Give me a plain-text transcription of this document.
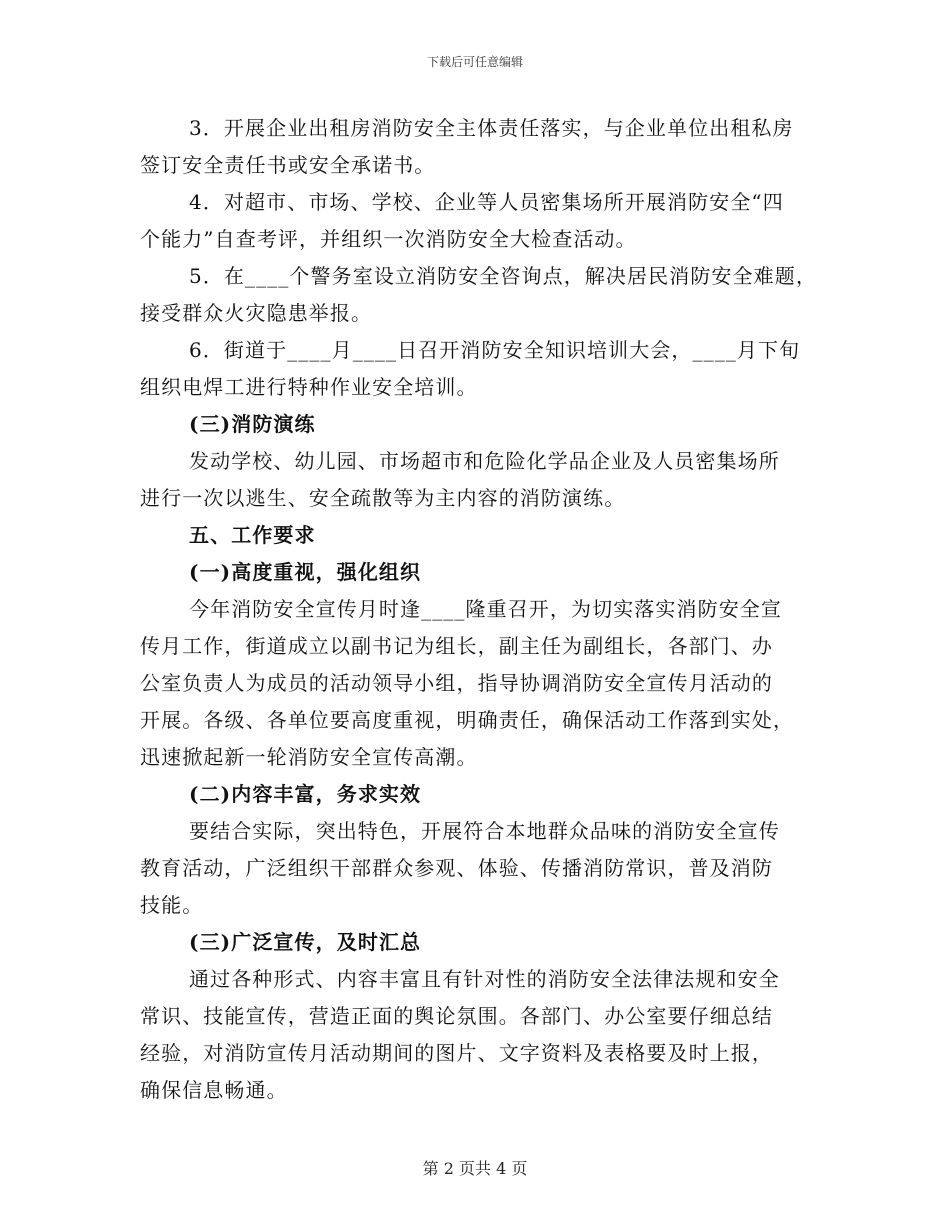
下载后可任意编辑
3．开展企业出租房消防安全主体责任落实，与企业单位出租私房
签订安全责任书或安全承诺书。
4．对超市、市场、学校、企业等人员密集场所开展消防安全“四
个能力”自查考评，并组织一次消防安全大检查活动。
5．在____个警务室设立消防安全咨询点，解决居民消防安全难题，
接受群众火灾隐患举报。
6．街道于____月____日召开消防安全知识培训大会，____月下旬
组织电焊工进行特种作业安全培训。
(三)消防演练
发动学校、幼儿园、市场超市和危险化学品企业及人员密集场所
进行一次以逃生、安全疏散等为主内容的消防演练。
五、工作要求
(一)高度重视，强化组织
今年消防安全宣传月时逢____隆重召开，为切实落实消防安全宣
传月工作，街道成立以副书记为组长，副主任为副组长，各部门、办
公室负责人为成员的活动领导小组，指导协调消防安全宣传月活动的
开展。各级、各单位要高度重视，明确责任，确保活动工作落到实处，
迅速掀起新一轮消防安全宣传高潮。
(二)内容丰富，务求实效
要结合实际，突出特色，开展符合本地群众品味的消防安全宣传
教育活动，广泛组织干部群众参观、体验、传播消防常识，普及消防
技能。
(三)广泛宣传，及时汇总
通过各种形式、内容丰富且有针对性的消防安全法律法规和安全
常识、技能宣传，营造正面的舆论氛围。各部门、办公室要仔细总结
经验，对消防宣传月活动期间的图片、文字资料及表格要及时上报，
确保信息畅通。
第 2 页共 4 页
